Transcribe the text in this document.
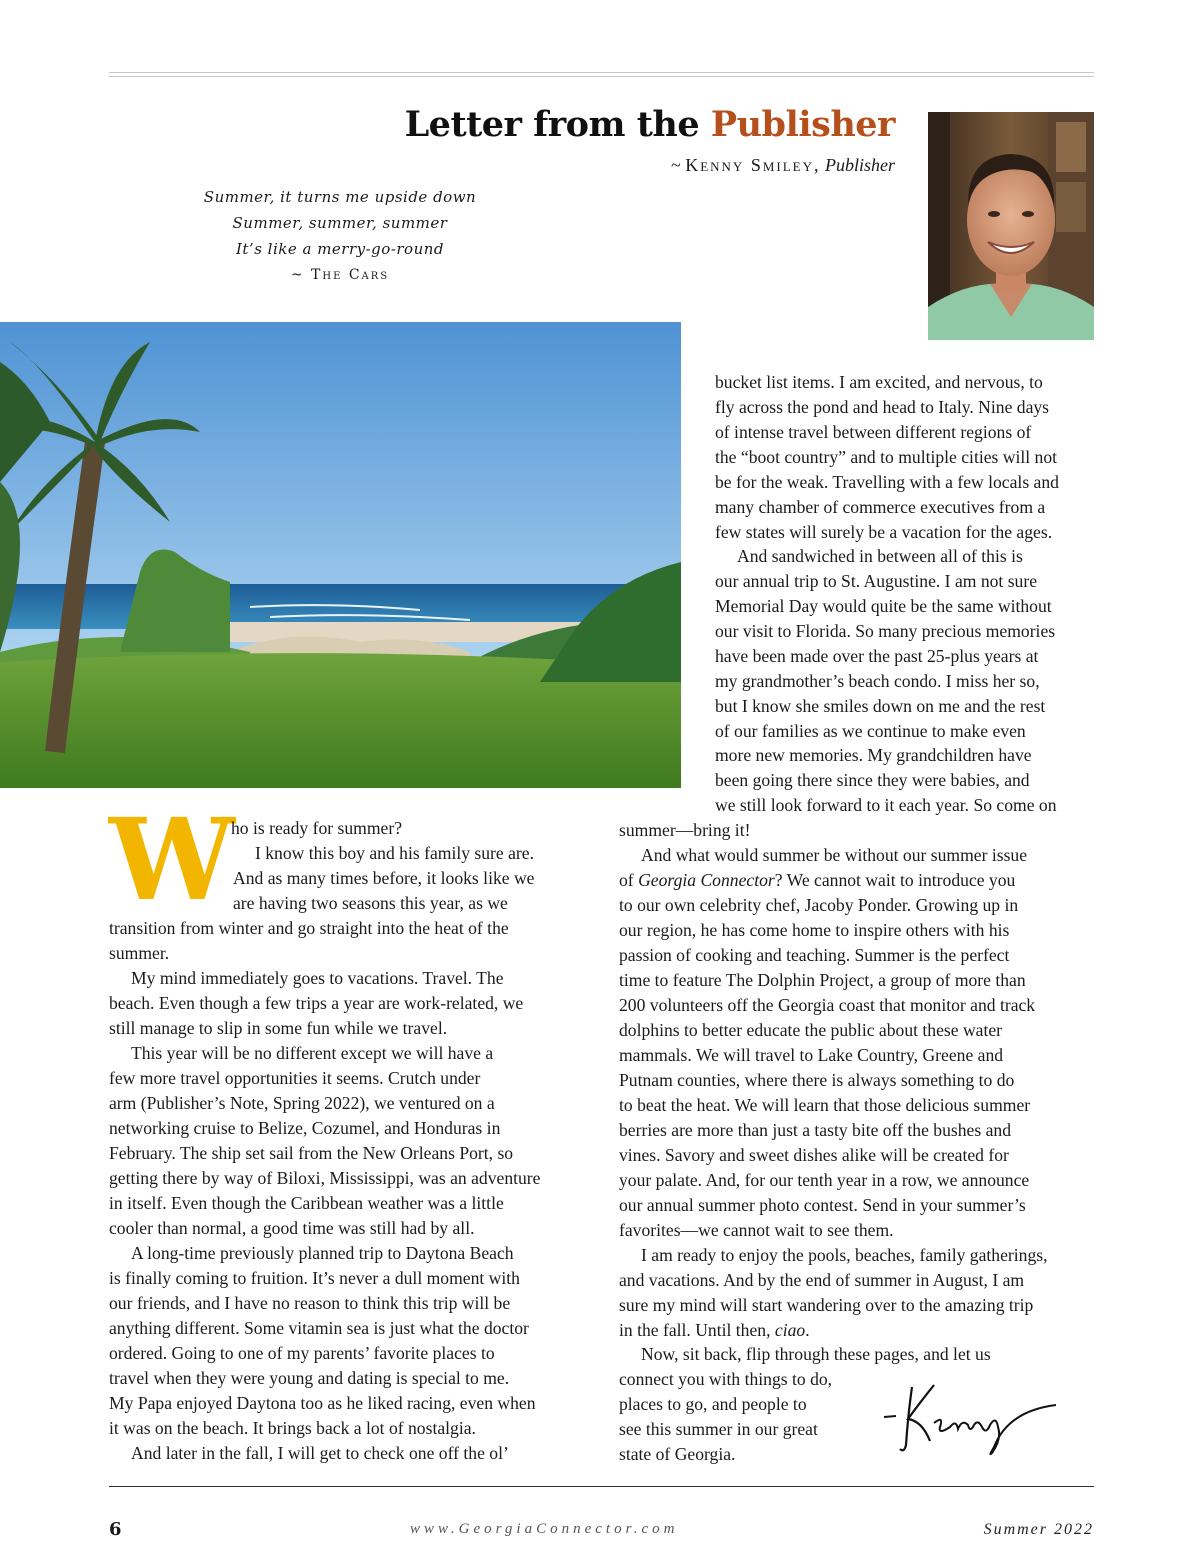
Letter from the Publisher
~ Kenny Smiley, Publisher
Summer, it turns me upside down
Summer, summer, summer
It’s like a merry-go-round
~ The Cars
W ho is ready for summer?
I know this boy and his family sure are.
And as many times before, it looks like we
are having two seasons this year, as we
transition from winter and go straight into the heat of the
summer.
My mind immediately goes to vacations. Travel. The
beach. Even though a few trips a year are work-related, we
still manage to slip in some fun while we travel.
This year will be no different except we will have a
few more travel opportunities it seems. Crutch under
arm (Publisher’s Note, Spring 2022), we ventured on a
networking cruise to Belize, Cozumel, and Honduras in
February. The ship set sail from the New Orleans Port, so
getting there by way of Biloxi, Mississippi, was an adventure
in itself. Even though the Caribbean weather was a little
cooler than normal, a good time was still had by all.
A long-time previously planned trip to Daytona Beach
is finally coming to fruition. It’s never a dull moment with
our friends, and I have no reason to think this trip will be
anything different. Some vitamin sea is just what the doctor
ordered. Going to one of my parents’ favorite places to
travel when they were young and dating is special to me.
My Papa enjoyed Daytona too as he liked racing, even when
it was on the beach. It brings back a lot of nostalgia.
And later in the fall, I will get to check one off the ol’
bucket list items. I am excited, and nervous, to
fly across the pond and head to Italy. Nine days
of intense travel between different regions of
the “boot country” and to multiple cities will not
be for the weak. Travelling with a few locals and
many chamber of commerce executives from a
few states will surely be a vacation for the ages.
And sandwiched in between all of this is
our annual trip to St. Augustine. I am not sure
Memorial Day would quite be the same without
our visit to Florida. So many precious memories
have been made over the past 25-plus years at
my grandmother’s beach condo. I miss her so,
but I know she smiles down on me and the rest
of our families as we continue to make even
more new memories. My grandchildren have
been going there since they were babies, and
we still look forward to it each year. So come on
summer—bring it!
And what would summer be without our summer issue
of Georgia Connector? We cannot wait to introduce you
to our own celebrity chef, Jacoby Ponder. Growing up in
our region, he has come home to inspire others with his
passion of cooking and teaching. Summer is the perfect
time to feature The Dolphin Project, a group of more than
200 volunteers off the Georgia coast that monitor and track
dolphins to better educate the public about these water
mammals. We will travel to Lake Country, Greene and
Putnam counties, where there is always something to do
to beat the heat. We will learn that those delicious summer
berries are more than just a tasty bite off the bushes and
vines. Savory and sweet dishes alike will be created for
your palate. And, for our tenth year in a row, we announce
our annual summer photo contest. Send in your summer’s
favorites—we cannot wait to see them.
I am ready to enjoy the pools, beaches, family gatherings,
and vacations. And by the end of summer in August, I am
sure my mind will start wandering over to the amazing trip
in the fall. Until then, ciao.
Now, sit back, flip through these pages, and let us
connect you with things to do,
places to go, and people to
see this summer in our great
state of Georgia.
6	www.GeorgiaConnector.com	Summer 2022
